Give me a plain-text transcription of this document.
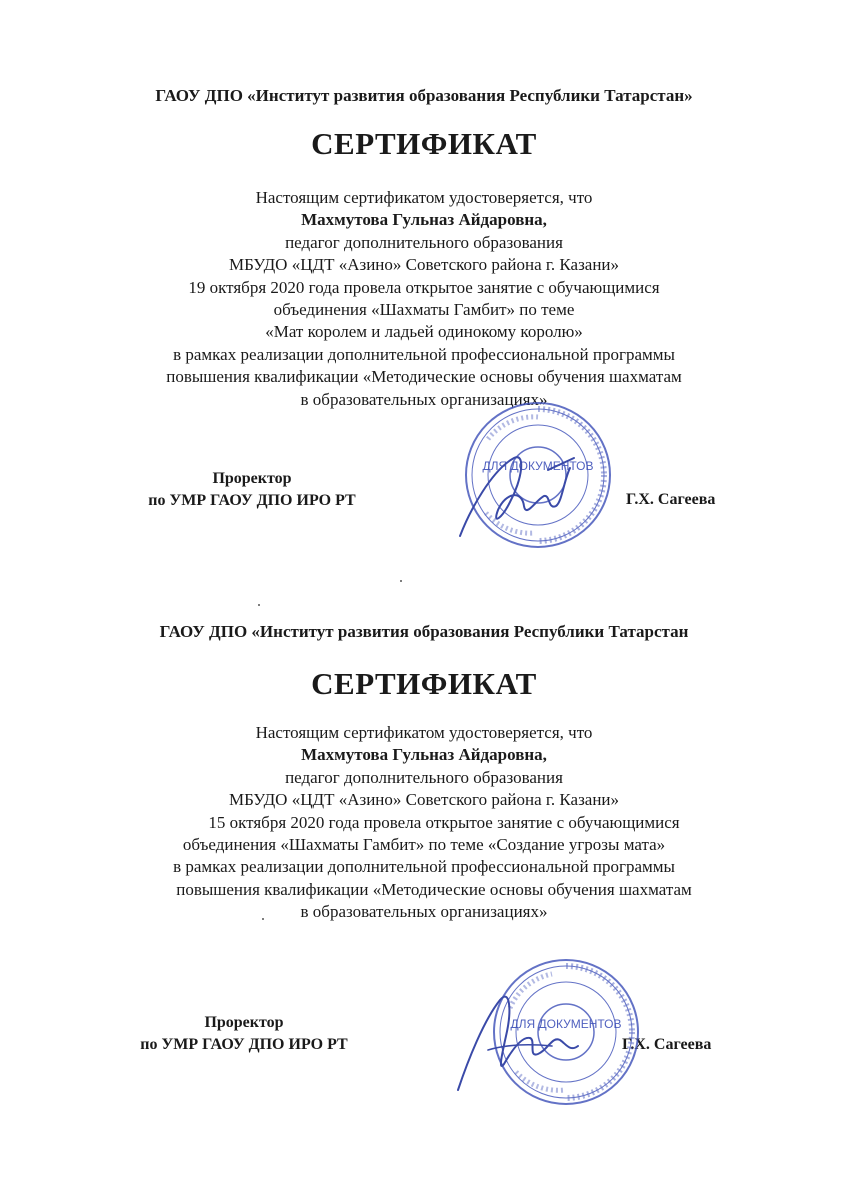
ГАОУ ДПО «Институт развития образования Республики Татарстан»
СЕРТИФИКАТ
Настоящим сертификатом удостоверяется, что
Махмутова Гульназ Айдаровна,
педагог дополнительного образования
МБУДО «ЦДТ «Азино» Советского района г. Казани»
19 октября 2020 года провела открытое занятие с обучающимися
объединения «Шахматы Гамбит» по теме
«Мат королем и ладьей одинокому королю»
в рамках реализации дополнительной профессиональной программы
повышения квалификации «Методические основы обучения шахматам
в образовательных организациях»
Проректор
по УМР ГАОУ ДПО ИРО РТ	Г.Х. Сагеева
ДЛЯ ДОКУМЕНТОВ
ГАОУ ДПО «Институт развития образования Республики Татарстан
СЕРТИФИКАТ
Настоящим сертификатом удостоверяется, что
Махмутова Гульназ Айдаровна,
педагог дополнительного образования
МБУДО «ЦДТ «Азино» Советского района г. Казани»
15 октября 2020 года провела открытое занятие с обучающимися
объединения «Шахматы Гамбит» по теме «Создание угрозы мата»
в рамках реализации дополнительной профессиональной программы
повышения квалификации «Методические основы обучения шахматам
в образовательных организациях»
Проректор
по УМР ГАОУ ДПО ИРО РТ	Г.Х. Сагеева
ДЛЯ ДОКУМЕНТОВ
